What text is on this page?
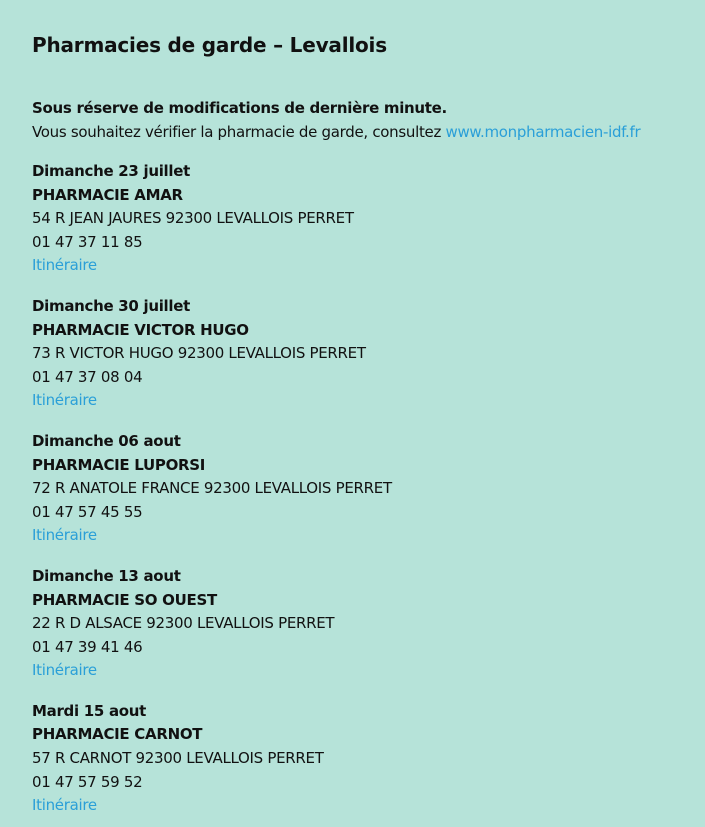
Pharmacies de garde – Levallois
Sous réserve de modifications de dernière minute.
Vous souhaitez vérifier la pharmacie de garde, consultez www.monpharmacien-idf.fr
Dimanche 23 juillet
PHARMACIE AMAR
54 R JEAN JAURES 92300 LEVALLOIS PERRET
01 47 37 11 85
Itinéraire
Dimanche 30 juillet
PHARMACIE VICTOR HUGO
73 R VICTOR HUGO 92300 LEVALLOIS PERRET
01 47 37 08 04
Itinéraire
Dimanche 06 aout
PHARMACIE LUPORSI
72 R ANATOLE FRANCE 92300 LEVALLOIS PERRET
01 47 57 45 55
Itinéraire
Dimanche 13 aout
PHARMACIE SO OUEST
22 R D ALSACE 92300 LEVALLOIS PERRET
01 47 39 41 46
Itinéraire
Mardi 15 aout
PHARMACIE CARNOT
57 R CARNOT 92300 LEVALLOIS PERRET
01 47 57 59 52
Itinéraire
